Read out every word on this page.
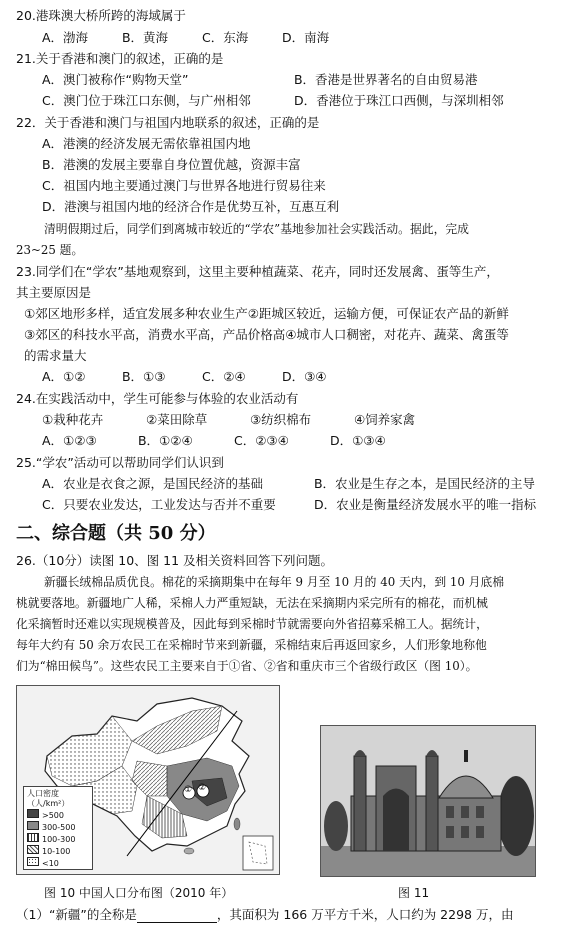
20.港珠澳大桥所跨的海域属于
A．渤海	B．黄海	C．东海	D．南海
21.关于香港和澳门的叙述，正确的是
A．澳门被称作“购物天堂”	B．香港是世界著名的自由贸易港
C．澳门位于珠江口东侧，与广州相邻	D．香港位于珠江口西侧，与深圳相邻
22．关于香港和澳门与祖国内地联系的叙述，正确的是
A．港澳的经济发展无需依靠祖国内地
B．港澳的发展主要靠自身位置优越，资源丰富
C．祖国内地主要通过澳门与世界各地进行贸易往来
D．港澳与祖国内地的经济合作是优势互补，互惠互利
清明假期过后，同学们到离城市较近的“学农”基地参加社会实践活动。据此，完成
23~25 题。
23.同学们在“学农”基地观察到，这里主要种植蔬菜、花卉，同时还发展禽、蛋等生产，
其主要原因是
①郊区地形多样，适宜发展多种农业生产②距城区较近，运输方便，可保证农产品的新鲜
③郊区的科技水平高，消费水平高，产品价格高④城市人口稠密，对花卉、蔬菜、禽蛋等
的需求量大
A．①②	B．①③	C．②④	D．③④
24.在实践活动中，学生可能参与体验的农业活动有
①栽种花卉	②菜田除草	③纺织棉布	④饲养家禽
A．①②③	B．①②④	C．②③④	D．①③④
25.“学农”活动可以帮助同学们认识到
A．农业是衣食之源，是国民经济的基础	B．农业是生存之本，是国民经济的主导
C．只要农业发达，工业发达与否并不重要	D．农业是衡量经济发展水平的唯一指标
二、综合题（共 50 分）
26.（10分）读图 10、图 11 及相关资料回答下列问题。
新疆长绒棉品质优良。棉花的采摘期集中在每年 9 月至 10 月的 40 天内，到 10 月底棉
桃就要落地。新疆地广人稀，采棉人力严重短缺，无法在采摘期内采完所有的棉花，而机械
化采摘暂时还难以实现规模普及，因此每到采棉时节就需要向外省招募采棉工人。据统计，
每年大约有 50 余万农民工在采棉时节来到新疆，采棉结束后再返回家乡，人们形象地称他
们为“棉田候鸟”。这些农民工主要来自于①省、②省和重庆市三个省级行政区（图 10）。
① ②
人口密度
（人/km²）
>500
300-500
100-300
10-100
<10
图 10 中国人口分布图（2010 年）	图 11
（1）“新疆”的全称是	，其面积为 166 万平方千米，人口约为 2298 万，由
